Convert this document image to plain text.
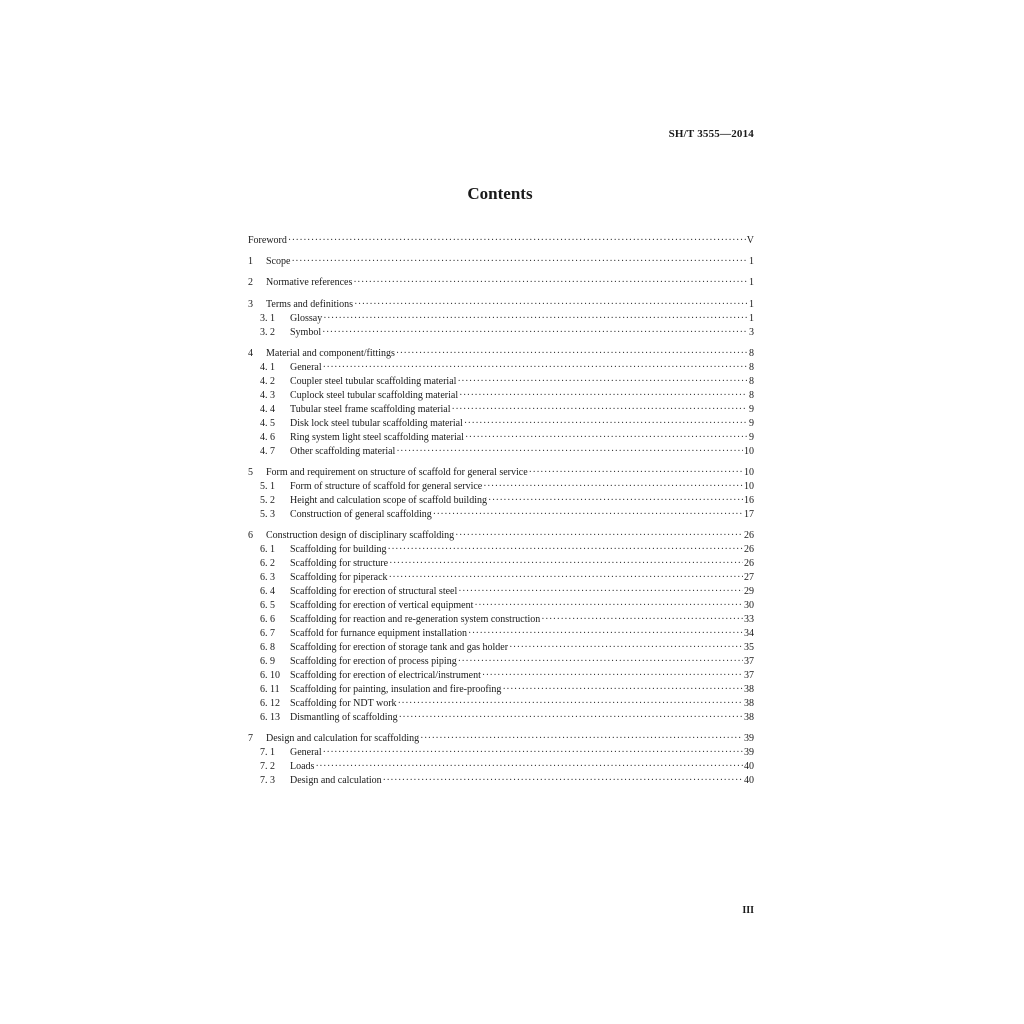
SH/T 3555—2014
Contents
Foreword ·····	V
1	Scope ·····	1
2	Normative references ·····	1
3	Terms and definitions ·····	1
3. 1	Glossay ·····	1
3. 2	Symbol ·····	3
4	Material and component/fittings ·····	8
4. 1	General ·····	8
4. 2	Coupler steel tubular scaffolding material ·····	8
4. 3	Cuplock steel tubular scaffolding material ·····	8
4. 4	Tubular steel frame scaffolding material ·····	9
4. 5	Disk lock steel tubular scaffolding material ·····	9
4. 6	Ring system light steel scaffolding material ·····	9
4. 7	Other scaffolding material ·····	10
5	Form and requirement on structure of scaffold for general service ·····	10
5. 1	Form of structure of scaffold for general service ·····	10
5. 2	Height and calculation scope of scaffold building ·····	16
5. 3	Construction of general scaffolding ·····	17
6	Construction design of disciplinary scaffolding ·····	26
6. 1	Scaffolding for building ·····	26
6. 2	Scaffolding for structure ·····	26
6. 3	Scaffolding for piperack ·····	27
6. 4	Scaffolding for erection of structural steel ·····	29
6. 5	Scaffolding for erection of vertical equipment ·····	30
6. 6	Scaffolding for reaction and re-generation system construction ·····	33
6. 7	Scaffold for furnance equipment installation ·····	34
6. 8	Scaffolding for erection of storage tank and gas holder ·····	35
6. 9	Scaffolding for erection of process piping ·····	37
6. 10	Scaffolding for erection of electrical/instrument ·····	37
6. 11	Scaffolding for painting, insulation and fire-proofing ·····	38
6. 12	Scaffolding for NDT work ·····	38
6. 13	Dismantling of scaffolding ·····	38
7	Design and calculation for scaffolding ·····	39
7. 1	General ·····	39
7. 2	Loads ·····	40
7. 3	Design and calculation ·····	40
III
